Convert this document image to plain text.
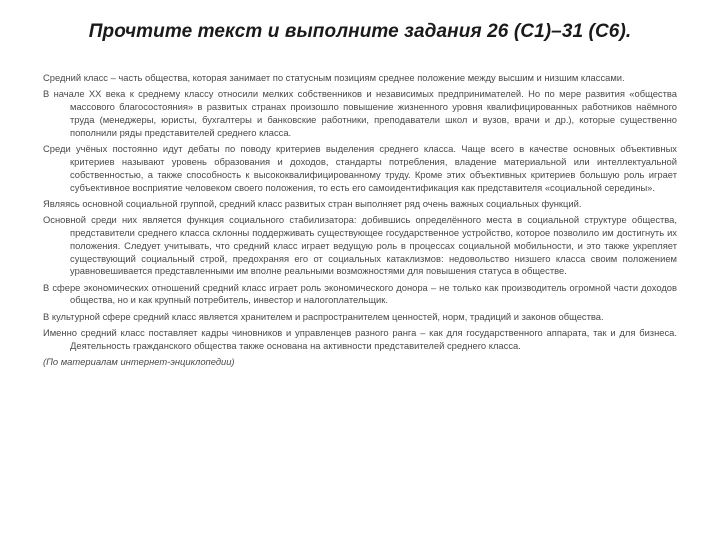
Прочтите текст и выполните задания 26 (С1)–31 (С6).

Средний класс – часть общества, которая занимает по статусным позициям среднее положение между высшим и низшим классами.

В начале XX века к среднему классу относили мелких собственников и независимых предпринимателей. Но по мере развития «общества массового благосостояния» в развитых странах произошло повышение жизненного уровня квалифицированных работников наёмного труда (менеджеры, юристы, бухгалтеры и банковские работники, преподаватели школ и вузов, врачи и др.), которые существенно пополнили ряды представителей среднего класса.

Среди учёных постоянно идут дебаты по поводу критериев выделения среднего класса. Чаще всего в качестве основных объективных критериев называют уровень образования и доходов, стандарты потребления, владение материальной или интеллектуальной собственностью, а также способность к высококвалифицированному труду. Кроме этих объективных критериев большую роль играет субъективное восприятие человеком своего положения, то есть его самоидентификация как представителя «социальной середины».

Являясь основной социальной группой, средний класс развитых стран выполняет ряд очень важных социальных функций.

Основной среди них является функция социального стабилизатора: добившись определённого места в социальной структуре общества, представители среднего класса склонны поддерживать существующее государственное устройство, которое позволило им достигнуть их положения. Следует учитывать, что средний класс играет ведущую роль в процессах социальной мобильности, и это также укрепляет существующий социальный строй, предохраняя его от социальных катаклизмов: недовольство низшего класса своим положением уравновешивается представленными им вполне реальными возможностями для повышения статуса в обществе.

В сфере экономических отношений средний класс играет роль экономического донора – не только как производитель огромной части доходов общества, но и как крупный потребитель, инвестор и налогоплательщик.

В культурной сфере средний класс является хранителем и распространителем ценностей, норм, традиций и законов общества.

Именно средний класс поставляет кадры чиновников и управленцев разного ранга – как для государственного аппарата, так и для бизнеса. Деятельность гражданского общества также основана на активности представителей среднего класса.

(По материалам интернет-энциклопедии)
